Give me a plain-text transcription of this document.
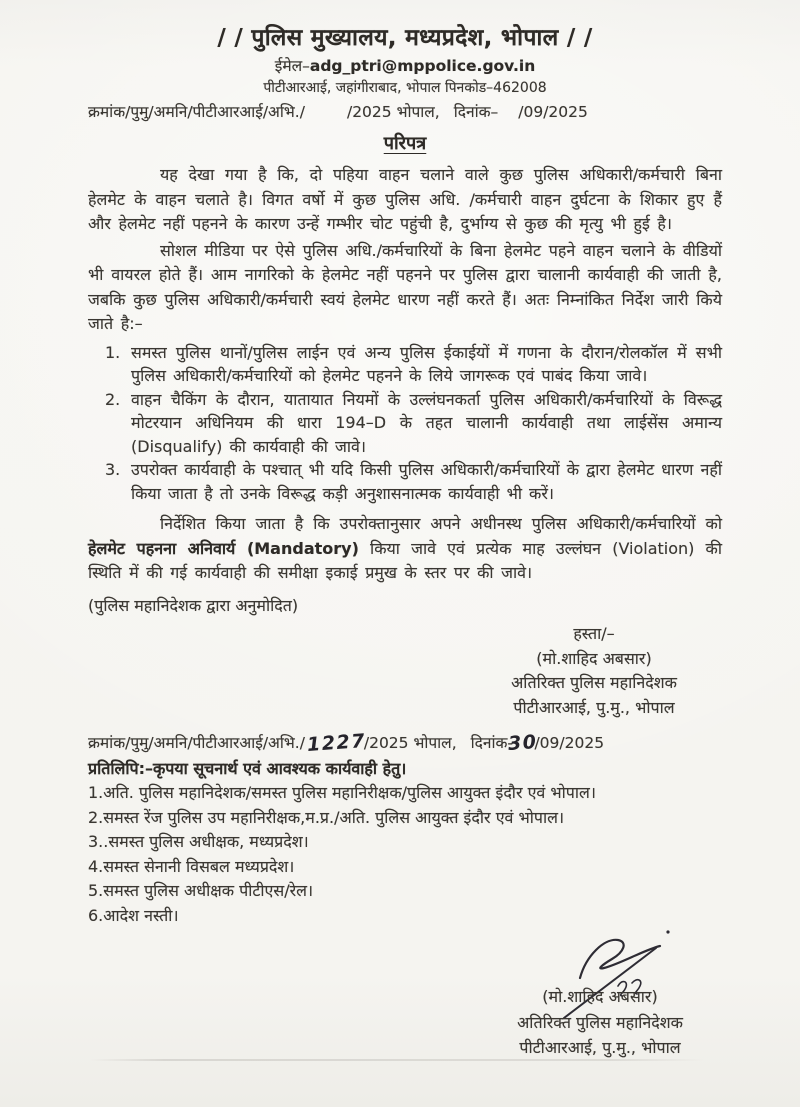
/ / पुलिस मुख्यालय, मध्यप्रदेश, भोपाल / /
ईमेल–adg_ptri@mppolice.gov.in
पीटीआरआई, जहांगीराबाद, भोपाल पिनकोड–462008
क्रमांक/पुमु/अमनि/पीटीआरआई/अभि./	/2025 भोपाल, दिनांक– /09/2025
परिपत्र
यह देखा गया है कि, दो पहिया वाहन चलाने वाले कुछ पुलिस अधिकारी/कर्मचारी बिना हेलमेट के वाहन चलाते है। विगत वर्षो में कुछ पुलिस अधि. /कर्मचारी वाहन दुर्घटना के शिकार हुए हैं और हेलमेट नहीं पहनने के कारण उन्हें गम्भीर चोट पहुंची है, दुर्भाग्य से कुछ की मृत्यु भी हुई है।
सोशल मीडिया पर ऐसे पुलिस अधि./कर्मचारियों के बिना हेलमेट पहने वाहन चलाने के वीडियों भी वायरल होते हैं। आम नागरिको के हेलमेट नहीं पहनने पर पुलिस द्वारा चालानी कार्यवाही की जाती है, जबकि कुछ पुलिस अधिकारी/कर्मचारी स्वयं हेलमेट धारण नहीं करते हैं। अतः निम्नांकित निर्देश जारी किये जाते है:–
1. समस्त पुलिस थानों/पुलिस लाईन एवं अन्य पुलिस ईकाईयों में गणना के दौरान/रोलकॉल में सभी पुलिस अधिकारी/कर्मचारियों को हेलमेट पहनने के लिये जागरूक एवं पाबंद किया जावे।
2. वाहन चैकिंग के दौरान, यातायात नियमों के उल्लंघनकर्ता पुलिस अधिकारी/कर्मचारियों के विरूद्ध मोटरयान अधिनियम की धारा 194–D के तहत चालानी कार्यवाही तथा लाईसेंस अमान्य (Disqualify) की कार्यवाही की जावे।
3. उपरोक्त कार्यवाही के पश्चात् भी यदि किसी पुलिस अधिकारी/कर्मचारियों के द्वारा हेलमेट धारण नहीं किया जाता है तो उनके विरूद्ध कड़ी अनुशासनात्मक कार्यवाही भी करें।
निर्देशित किया जाता है कि उपरोक्तानुसार अपने अधीनस्थ पुलिस अधिकारी/कर्मचारियों को हेलमेट पहनना अनिवार्य (Mandatory) किया जावे एवं प्रत्येक माह उल्लंघन (Violation) की स्थिति में की गई कार्यवाही की समीक्षा इकाई प्रमुख के स्तर पर की जावे।
(पुलिस महानिदेशक द्वारा अनुमोदित)
हस्ता/–
(मो.शाहिद अबसार)
अतिरिक्त पुलिस महानिदेशक
पीटीआरआई, पु.मु., भोपाल
क्रमांक/पुमु/अमनि/पीटीआरआई/अभि./ 1227
/2025 भोपाल, दिनांक-
30
/09/2025
प्रतिलिपि:–कृपया सूचनार्थ एवं आवश्यक कार्यवाही हेतु।
1.अति. पुलिस महानिदेशक/समस्त पुलिस महानिरीक्षक/पुलिस आयुक्त इंदौर एवं भोपाल।
2.समस्त रेंज पुलिस उप महानिरीक्षक,म.प्र./अति. पुलिस आयुक्त इंदौर एवं भोपाल।
3..समस्त पुलिस अधीक्षक, मध्यप्रदेश।
4.समस्त सेनानी विसबल मध्यप्रदेश।
5.समस्त पुलिस अधीक्षक पीटीएस/रेल।
6.आदेश नस्ती।
(मो.शाहिद अबसार)
अतिरिक्त पुलिस महानिदेशक
पीटीआरआई, पु.मु., भोपाल
